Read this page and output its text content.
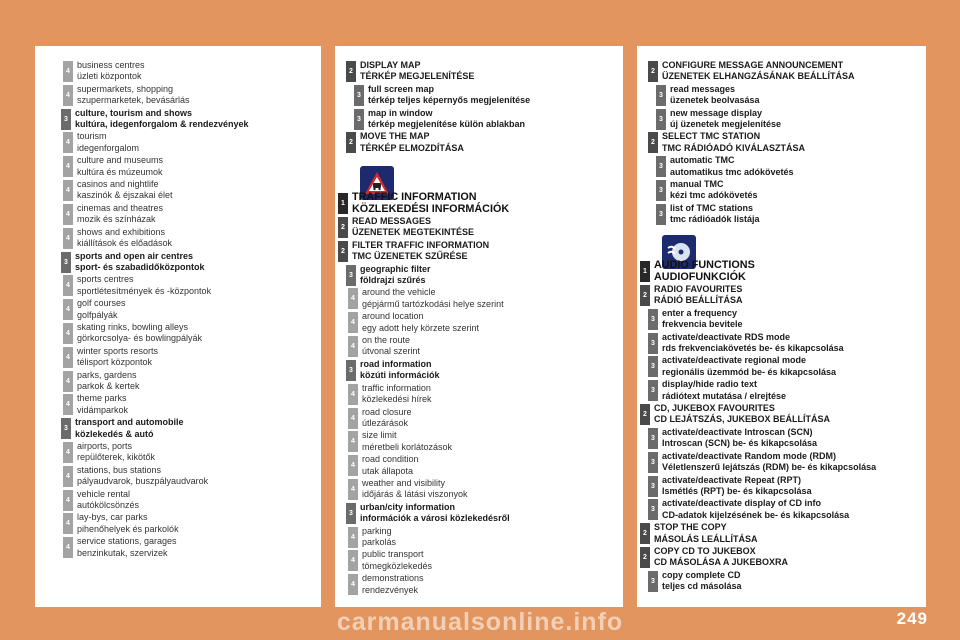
4
business centres
üzleti központok
4
supermarkets, shopping
szupermarketek, bevásárlás
3
culture, tourism and shows
kultúra, idegenforgalom & rendezvények
4
tourism
idegenforgalom
4
culture and museums
kultúra és múzeumok
4
casinos and nightlife
kaszinók & éjszakai élet
4
cinemas and theatres
mozik és színházak
4
shows and exhibitions
kiállítások és előadások
3
sports and open air centres
sport- és szabadidőközpontok
4
sports centres
sportlétesítmények és -központok
4
golf courses
golfpályák
4
skating rinks, bowling alleys
görkorcsolya- és bowlingpályák
4
winter sports resorts
télisport központok
4
parks, gardens
parkok & kertek
4
theme parks
vidámparkok
3
transport and automobile
közlekedés & autó
4
airports, ports
repülőterek, kikötők
4
stations, bus stations
pályaudvarok, buszpályaudvarok
4
vehicle rental
autókölcsönzés
4
lay-bys, car parks
pihenőhelyek és parkolók
4
service stations, garages
benzinkutak, szervizek
2
DISPLAY MAP
TÉRKÉP MEGJELENÍTÉSE
3
full screen map
térkép teljes képernyős megjelenítése
3
map in window
térkép megjelenítése külön ablakban
2
MOVE THE MAP
TÉRKÉP ELMOZDÍTÁSA
1
TRAFFIC INFORMATION
KÖZLEKEDÉSI INFORMÁCIÓK
2
READ MESSAGES
ÜZENETEK MEGTEKINTÉSE
2
FILTER TRAFFIC INFORMATION
TMC ÜZENETEK SZŰRÉSE
3
geographic filter
földrajzi szűrés
4
around the vehicle
gépjármű tartózkodási helye szerint
4
around location
egy adott hely körzete szerint
4
on the route
útvonal szerint
3
road information
közúti információk
4
traffic information
közlekedési hírek
4
road closure
útlezárások
4
size limit
méretbeli korlátozások
4
road condition
utak állapota
4
weather and visibility
időjárás & látási viszonyok
3
urban/city information
információk a városi közlekedésről
4
parking
parkolás
4
public transport
tömegközlekedés
4
demonstrations
rendezvények
2
CONFIGURE MESSAGE ANNOUNCEMENT
ÜZENETEK ELHANGZÁSÁNAK BEÁLLÍTÁSA
3
read messages
üzenetek beolvasása
3
new message display
új üzenetek megjelenítése
2
SELECT TMC STATION
TMC RÁDIÓADÓ KIVÁLASZTÁSA
3
automatic TMC
automatikus tmc adókövetés
3
manual TMC
kézi tmc adókövetés
3
list of TMC stations
tmc rádióadók listája
1
AUDIO FUNCTIONS
AUDIOFUNKCIÓK
2
RADIO FAVOURITES
RÁDIÓ BEÁLLÍTÁSA
3
enter a frequency
frekvencia bevitele
3
activate/deactivate RDS mode
rds frekvenciakövetés be- és kikapcsolása
3
activate/deactivate regional mode
regionális üzemmód be- és kikapcsolása
3
display/hide radio text
rádiótext mutatása / elrejtése
2
CD, JUKEBOX FAVOURITES
CD LEJÁTSZÁS, JUKEBOX BEÁLLÍTÁSA
3
activate/deactivate Introscan (SCN)
Introscan (SCN) be- és kikapcsolása
3
activate/deactivate Random mode (RDM)
Véletlenszerű lejátszás (RDM) be- és kikapcsolása
3
activate/deactivate Repeat (RPT)
Ismétlés (RPT) be- és kikapcsolása
3
activate/deactivate display of CD info
CD-adatok kijelzésének be- és kikapcsolása
2
STOP THE COPY
MÁSOLÁS LEÁLLÍTÁSA
2
COPY CD TO JUKEBOX
CD MÁSOLÁSA A JUKEBOXRA
3
copy complete CD
teljes cd másolása
carmanualsonline.info	249
